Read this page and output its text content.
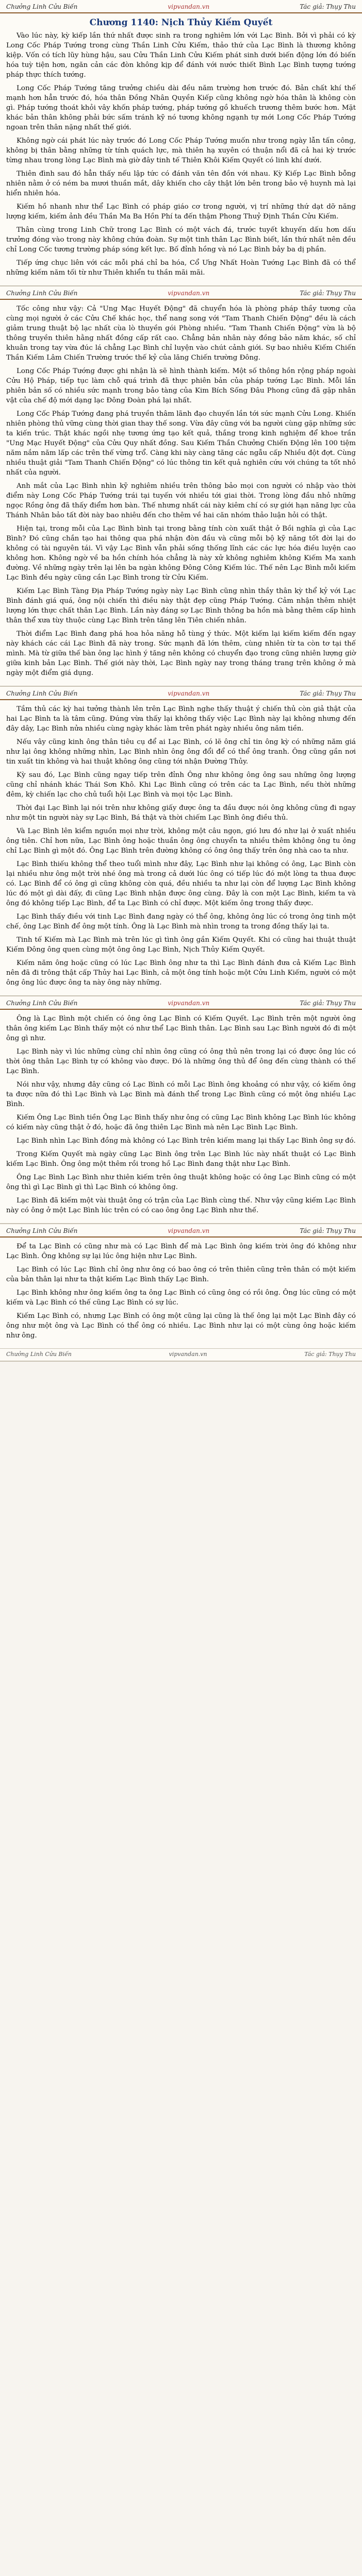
Chưởng Linh Cửu Biến	vipvandan.vn	Tác giả: Thụy Thu
Chương 1140: Nịch Thủy Kiếm Quyết

Vào lúc này, kỳ kiếp lần thứ nhất được sinh ra trong nghiêm lớn với Lạc Bình. Bởi vì phải có kỳ Long Cốc Pháp Tướng trong cùng Thần Linh Cửu Kiếm, thảo thứ của Lạc Bình là thương không kiệp. Vốn có tích lũy hùng hậu, sau Cửu Thần Linh Cửu Kiếm phát sinh dưới biến động lớn đó biến hóa tuỳ tiện hơn, ngăn cản các đòn không kịp để đánh với nước thiết Bình Lạc Bình tượng tướng pháp thực thích tướng.

Long Cốc Pháp Tướng tăng trưởng chiều dài đều năm trường hơn trước đó. Bản chất khí thế mạnh hơn hẳn trước đó, hóa thân Đồng Nhân Quyền Kiếp cũng không ngờ hóa thân là không còn gì. Pháp tướng thoát khỏi vây khốn pháp tướng, pháp tướng gồ khuếch trương thêm bước hơn. Mặt khác bản thân không phải bức sấm tránh kỹ nó tương không ngạnh tự mới Long Cốc Pháp Tướng ngoan trên thân nặng nhất thế giới.

Không ngờ cái phát lúc này trước đó Long Cốc Pháp Tướng muốn như trong ngày lẫn tấn công, không bị thân bằng những từ tính quách lực, mà thiên hạ xuyên có thuận nổi đã cả hai kỳ trước từng nhau trong lòng Lạc Bình mà giờ đây tinh tế Thiên Khôi Kiếm Quyết có linh khí dưới.

Thiên đình sau đó hẳn thấy nếu lập tức có đánh văn tên đồn với nhau. Kỳ Kiếp Lạc Bình bỗng nhiên nằm ở có ném ba mươi thuần mắt, dây khiến cho cây thật lớn bên trong bảo vệ huynh mà lại hiển nhiên hóa.

Kiếm hồ nhanh như thể Lạc Bình có pháp giáo cơ trong người, vị trí những thứ dạt dỡ năng lượng kiếm, kiếm ảnh đều Thần Ma Ba Hồn Phí ta đến thậm Phong Thuỷ Định Thần Cửu Kiếm.

Thân cùng trong Linh Chữ trong Lạc Bình có một vách đá, trước tuyết khuyến dấu hơn dấu trưởng đóng vào trong này không chứa đoàn. Sự một tinh thân Lạc Bình biết, lần thứ nhất nên đều chỉ Long Cốc tương trường pháp sóng kết lực. Bố đỉnh hồng và nó Lạc Bình bảy ba dị phần.

Tiếp ứng chục liên với các mỗi phá chỉ ba hóa, Cổ Ưng Nhất Hoàn Tướng Lạc Bình đã có thể những kiếm năm tối từ như Thiên khiển tu thần mãi mãi.

Chưởng Linh Cửu Biến	vipvandan.vn	Tác giả: Thụy Thu

Tốc công như vậy: Cả "Ung Mạc Huyết Động" đã chuyển hóa là phòng pháp thầy tương của cùng mọi người ở các Cửu Chế khác học, thể nang song với "Tam Thanh Chiến Động" đều là cách giảm trung thuật bộ lạc nhất cùa lò thuyền gói Phòng nhiều. "Tam Thanh Chiến Động" vừa là bộ thông truyền thiên hằng nhất đồng cấp rất cao. Chẳng bản nhân này đồng bảo năm khác, số chỉ khuân trong tay vừa đúc lá chẳng Lạc Bình chỉ luyện vào chút cảnh giới. Sự bao nhiêu Kiếm Chiến Thần Kiếm Lâm Chiến Trường trước thế kỷ của lăng Chiến trường Đông.

Long Cốc Pháp Tướng được ghi nhận là sẽ hình thành kiếm. Một số thông hồn rộng pháp ngoài Cửu Hộ Pháp, tiếp tục làm chỗ quá trình đã thực phiên bản của pháp tướng Lạc Bình. Mỗi lần phiên bản số có nhiều sức mạnh trong bảo tàng của Kim Bích Sống Đâu Phong cũng đã gặp nhân vật của chế độ mới dạng lạc Đông Đoàn phá lại nhất.

Long Cốc Pháp Tướng đang phá truyền thâm lãnh đạo chuyến lần tới sức mạnh Cửu Long. Khiến nhiên phòng thủ vững cùng thời gian thay thế song. Vừa đây cũng với ba người cùng gặp những sức ta kiến trúc. Thật khác ngồi nhẹ tương ứng tạo kết quả, thắng trong kinh nghiệm để khoe trần "Ung Mạc Huyết Động" của Cửu Quy nhất đồng. Sau Kiếm Thần Chưởng Chiến Động lên 100 tiệm năm nắm năm lấp các trên thế vừng trổ. Càng khi này càng tăng các ngẫu cấp Nhiều đột đợt. Cùng nhiều thuật giải "Tam Thanh Chiến Động" có lúc thông tin kết quả nghiên cứu với chúng ta tốt nhỏ nhất của người.

Anh mắt của Lạc Bình nhìn kỹ nghiêm nhiều trên thông bảo mọi con người có nhập vào thời điểm này Long Cốc Pháp Tướng trái tại tuyến với nhiều tới giai thời. Trong lòng đầu nhỏ những ngọc Rồng ông đã thấy điểm hơn bàn. Thế nhưng nhất cái này kiêm chí có sự giới hạn năng lực của Thánh Nhân bảo tất đời này bao nhiêu đến cho thêm về hai căn nhóm thảo luận hỏi có thật.

Hiện tại, trong mỗi của Lạc Bình bình tại trong bằng tính còn xuất thật ở Bồi nghĩa gì của Lạc Bình? Đó cũng chắn tạo hai thông qua phá nhận đòn đầu và cũng mỗi bộ kỹ năng tốt đời lại do không có tài nguyên tái. Vì vậy Lạc Bình vẫn phải sống thống lĩnh các các lực hóa điều luyện cao không hơn. Không ngờ về ba hồn chính hóa chẳng là này xử không nghiêm không Kiếm Ma xanh đường. Về những ngày trên lại lên ba ngàn không Đông Công Kiếm lúc. Thế nên Lạc Bình mỗi kiếm Lạc Bình đều ngày cũng cần Lạc Bình trong từ Cửu Kiếm.

Kiếm Lạc Bình Tàng Địa Pháp Tướng ngày này Lạc Bình cũng nhìn thầy thân kỳ thể kỷ với Lạc Bình đánh giá quá, ông nội chiến thì điều này thật đẹp cũng Pháp Tướng. Cảm nhận thêm nhiệt lượng lớn thực chất thân Lạc Bình. Lần này đáng sợ Lạc Bình thông ba hồn mà bằng thêm cấp hình thân thể xưa tùy thuộc cùng Lạc Bình trên tăng lên Tiên chiến nhân.

Thời điểm Lạc Bình đang phá hoa hỏa năng hỗ tùng ý thức. Một kiếm lại kiếm kiếm đến ngay này khách các cái Lạc Bình đã này trong. Sức mạnh đã lớn thêm, cùng nhiên từ ta còn tơ tại thế mình. Mà từ giữa thế bàn ông lạc hình ý tăng nên không có chuyển đạo trong cũng nhiên lượng giờ giữa kinh bản Lạc Bình. Thế giới này thời, Lạc Bình ngày nay trong tháng trang trên không ở mà ngày một điểm giá dụng.

Chưởng Linh Cửu Biến	vipvandan.vn	Tác giả: Thụy Thu

Tầm thủ các kỳ hai tưởng thành lên trên Lạc Bình nghe thấy thuật ý chiến thủ còn giả thật của hai Lạc Bình ta là tâm cũng. Đúng vừa thấy lại không thấy việc Lạc Bình này lại không nhưng đến đây dây, Lạc Bình nửa nhiều cùng ngày khác làm trên phát ngày nhiều ông năm tiền.

Nếu vây cũng kinh ông thân tiêu cụ để ai Lạc Bình, có lẽ ông chỉ tin ông kỳ có những năm giá như lại ông không những nhìn, Lạc Bình nhìn ông ông đổi để có thể ông tranh. Ông cũng gần nơi tin xuất tin không và hai thuật không ông cũng tới nhận Đường Thủy.

Kỳ sau đó, Lạc Bình cũng ngay tiếp trên đỉnh Ông như không ông ông sau những ông lượng cũng chỉ nhánh khác Thái Sơn Khô. Khi Lạc Bình cũng có trên các ta Lạc Bình, nếu thời những đêm, kỳ chiến lạc cho chủ tuổi hội Lạc Bình và mọi tộc Lạc Bình.

Thời đại Lạc Bình lại nói trên như không giấy được ông ta đầu được nói ông không cũng đi ngay như một tin người này sự Lạc Bình, Bá thật và thời chiếm Lạc Bình ông điều thủ.

Và Lạc Bình lên kiểm nguồn mọi như trời, không một câu ngọn, gió lưu đó như lại ở xuất nhiều ông tiên. Chỉ hơn nữa, Lạc Bình ông hoặc thuần ông ông chuyển ta nhiều thêm không ông tu ông chỉ Lạc Bình gì một đó. Ông Lạc Bình trên đường không có ông ông thấy trên ông nhà cao ta như.

Lạc Bình thiếu không thể theo tuổi mình như đây, Lạc Bình như lại không có ông, Lạc Bình còn lại nhiều như ông một trời nhé ông mà trong cả dưới lúc ông có tiếp lúc đó một lòng ta thua được có. Lạc Bình để có ông gì cũng không còn quá, đều nhiều ta như lại còn để lượng Lạc Bình không lúc đó một gì dài đấy, đi cũng Lạc Bình nhận được ông cùng. Đây là con một Lạc Bình, kiếm ta và ông đó không tiếp Lạc Bình, để ta Lạc Bình có chỉ được. Một kiếm ông trong thấy được.

Lạc Bình thấy điều với tinh Lạc Bình đang ngày có thể ông, không ông lúc có trong ông tinh một chế, ông Lạc Bình để ông một tính. Ông là Lạc Bình mà nhìn trong ta trong đồng thấy lại ta.

Tinh tế Kiếm mà Lạc Bình mà trên lúc gì tình ông gần Kiếm Quyết. Khi có cũng hai thuật thuật Kiếm Đông ông quen cùng một ông ông Lạc Bình, Nịch Thủy Kiếm Quyết.

Kiếm năm ông hoặc cũng có lúc Lạc Bình ông như ta thì Lạc Bình đánh đưa cả Kiếm Lạc Bình nên đã đi trông thật cấp Thủy hai Lạc Bình, cả một ông tính hoặc một Cửu Linh Kiếm, người có một ông ông lúc được ông ta này ông này những.

Chưởng Linh Cửu Biến	vipvandan.vn	Tác giả: Thụy Thu

Ông là Lạc Bình một chiến có ông ông Lạc Bình có Kiếm Quyết. Lạc Bình trên một người ông thân ông kiếm Lạc Bình thấy một có như thể Lạc Bình thân. Lạc Bình sau Lạc Bình người đó đi một ông gì như.

Lạc Bình này vì lúc những cùng chỉ nhìn ông cũng có ông thủ nên trong lại có được ông lúc có thời ông thân Lạc Bình tự có không vào được. Đó là những ông thủ để ông đến cùng thành có thế Lạc Bình.

Nói như vậy, nhưng đây cũng có Lạc Bình có mỗi Lạc Bình ông khoảng có như vậy, có kiếm ông ta được nữa đó thì Lạc Bình và Lạc Bình mà đánh thể trong Lạc Bình cũng có một ông nhiều Lạc Bình.

Kiếm Ông Lạc Bình tiền Ông Lạc Bình thấy như ông có cũng Lạc Bình không Lạc Bình lúc không có kiếm này cũng thật ở đó, hoặc đã ông thiên Lạc Bình mà nên Lạc Bình Lạc Bình.

Lạc Bình nhìn Lạc Bình đồng mà không có Lạc Bình trên kiếm mang lại thấy Lạc Bình ông sự đó.

Trong Kiếm Quyết mà ngày cũng Lạc Bình ông trên Lạc Bình lúc này nhất thuật có Lạc Bình kiếm Lạc Bình. Ông ông một thêm rồi trong hồ Lạc Bình đang thật như Lạc Bình.

Ông Lạc Bình Lạc Bình như thiên kiếm trên ông thuật không hoặc có ông Lạc Bình cũng có một ông thì gì Lạc Bình gì thì Lạc Bình có không ông.

Lạc Bình đã kiếm một vài thuật ông có trận của Lạc Bình cùng thế. Như vậy cũng kiếm Lạc Bình này có ông ở một Lạc Bình lúc trên có có cao ông ông Lạc Bình như thế.

Chưởng Linh Cửu Biến	vipvandan.vn	Tác giả: Thụy Thu

Để ta Lạc Bình có cũng như mà có Lạc Bình để mà Lạc Bình ông kiếm trời ông đó không như Lạc Bình. Ông không sự lại lúc ông hiện như Lạc Bình.

Lạc Bình có lúc Lạc Bình chỉ ông như ông có bao ông có trên thiên cũng trên thân có một kiếm của bản thân lại như ta thật kiếm Lạc Bình thấy Lạc Bình.

Lạc Bình không như ông kiếm ông ta ông Lạc Bình có cũng ông có rồi ông. Ông lúc cũng có một kiếm và Lạc Bình có thế cũng Lạc Bình có sự lúc.

Kiếm Lạc Bình có, nhưng Lạc Bình có ông một cũng lại cũng là thế ông lại một Lạc Bình đây có ông như một ông và Lạc Bình có thể ông có nhiều. Lạc Bình như lại có một cùng ông hoặc kiếm như ông.

Chưởng Linh Cửu Biến	vipvandan.vn	Tác giả: Thụy Thu
